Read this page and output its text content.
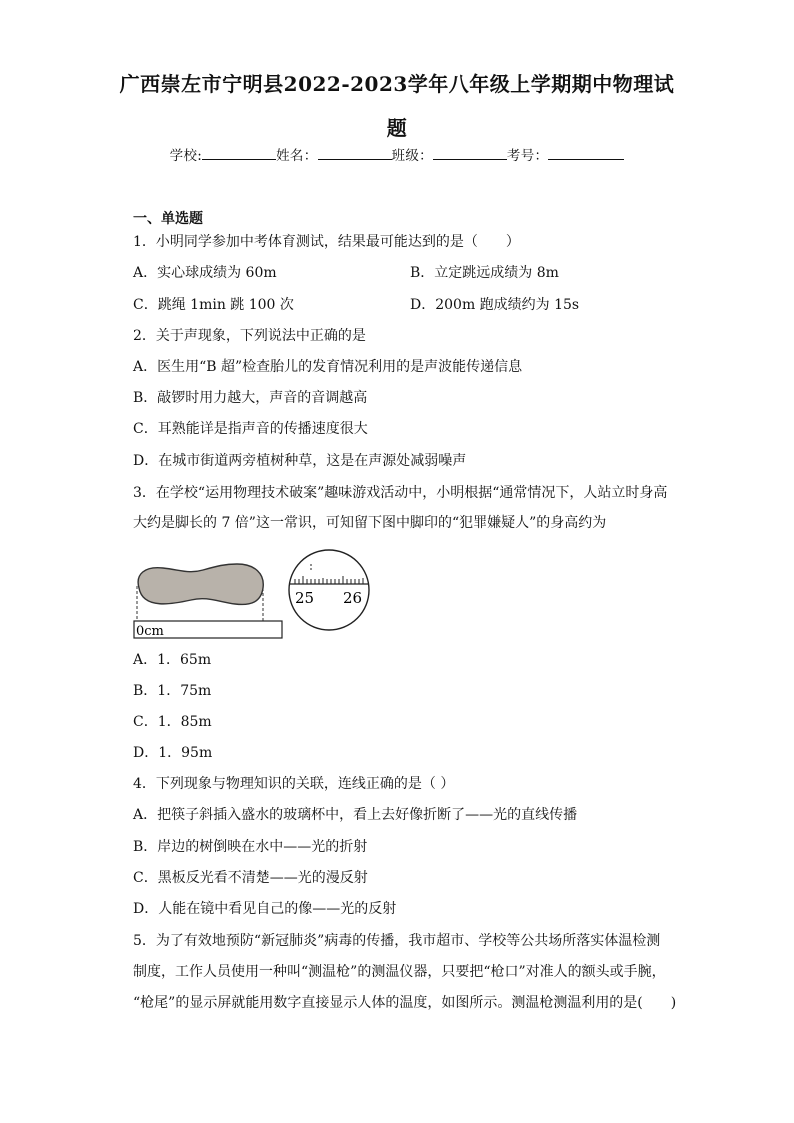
广西崇左市宁明县2022-2023学年八年级上学期期中物理试
题
学校:	姓名：	班级：	考号：
一、单选题
1．小明同学参加中考体育测试，结果最可能达到的是（　　）
A．实心球成绩为 60m	B．立定跳远成绩为 8m
C．跳绳 1min 跳 100 次	D．200m 跑成绩约为 15s
2．关于声现象，下列说法中正确的是
A．医生用“B 超”检查胎儿的发育情况利用的是声波能传递信息
B．敲锣时用力越大，声音的音调越高
C．耳熟能详是指声音的传播速度很大
D．在城市街道两旁植树种草，这是在声源处减弱噪声
3．在学校“运用物理技术破案”趣味游戏活动中，小明根据“通常情况下，人站立时身高
大约是脚长的 7 倍”这一常识，可知留下图中脚印的“犯罪嫌疑人”的身高约为
0cm
25 26
A．1．65m
B．1．75m
C．1．85m
D．1．95m
4．下列现象与物理知识的关联，连线正确的是（ ）
A．把筷子斜插入盛水的玻璃杯中，看上去好像折断了——光的直线传播
B．岸边的树倒映在水中——光的折射
C．黑板反光看不清楚——光的漫反射
D．人能在镜中看见自己的像——光的反射
5．为了有效地预防“新冠肺炎”病毒的传播，我市超市、学校等公共场所落实体温检测
制度，工作人员使用一种叫“测温枪”的测温仪器，只要把“枪口”对准人的额头或手腕，
“枪尾”的显示屏就能用数字直接显示人体的温度，如图所示。测温枪测温利用的是(　　)
